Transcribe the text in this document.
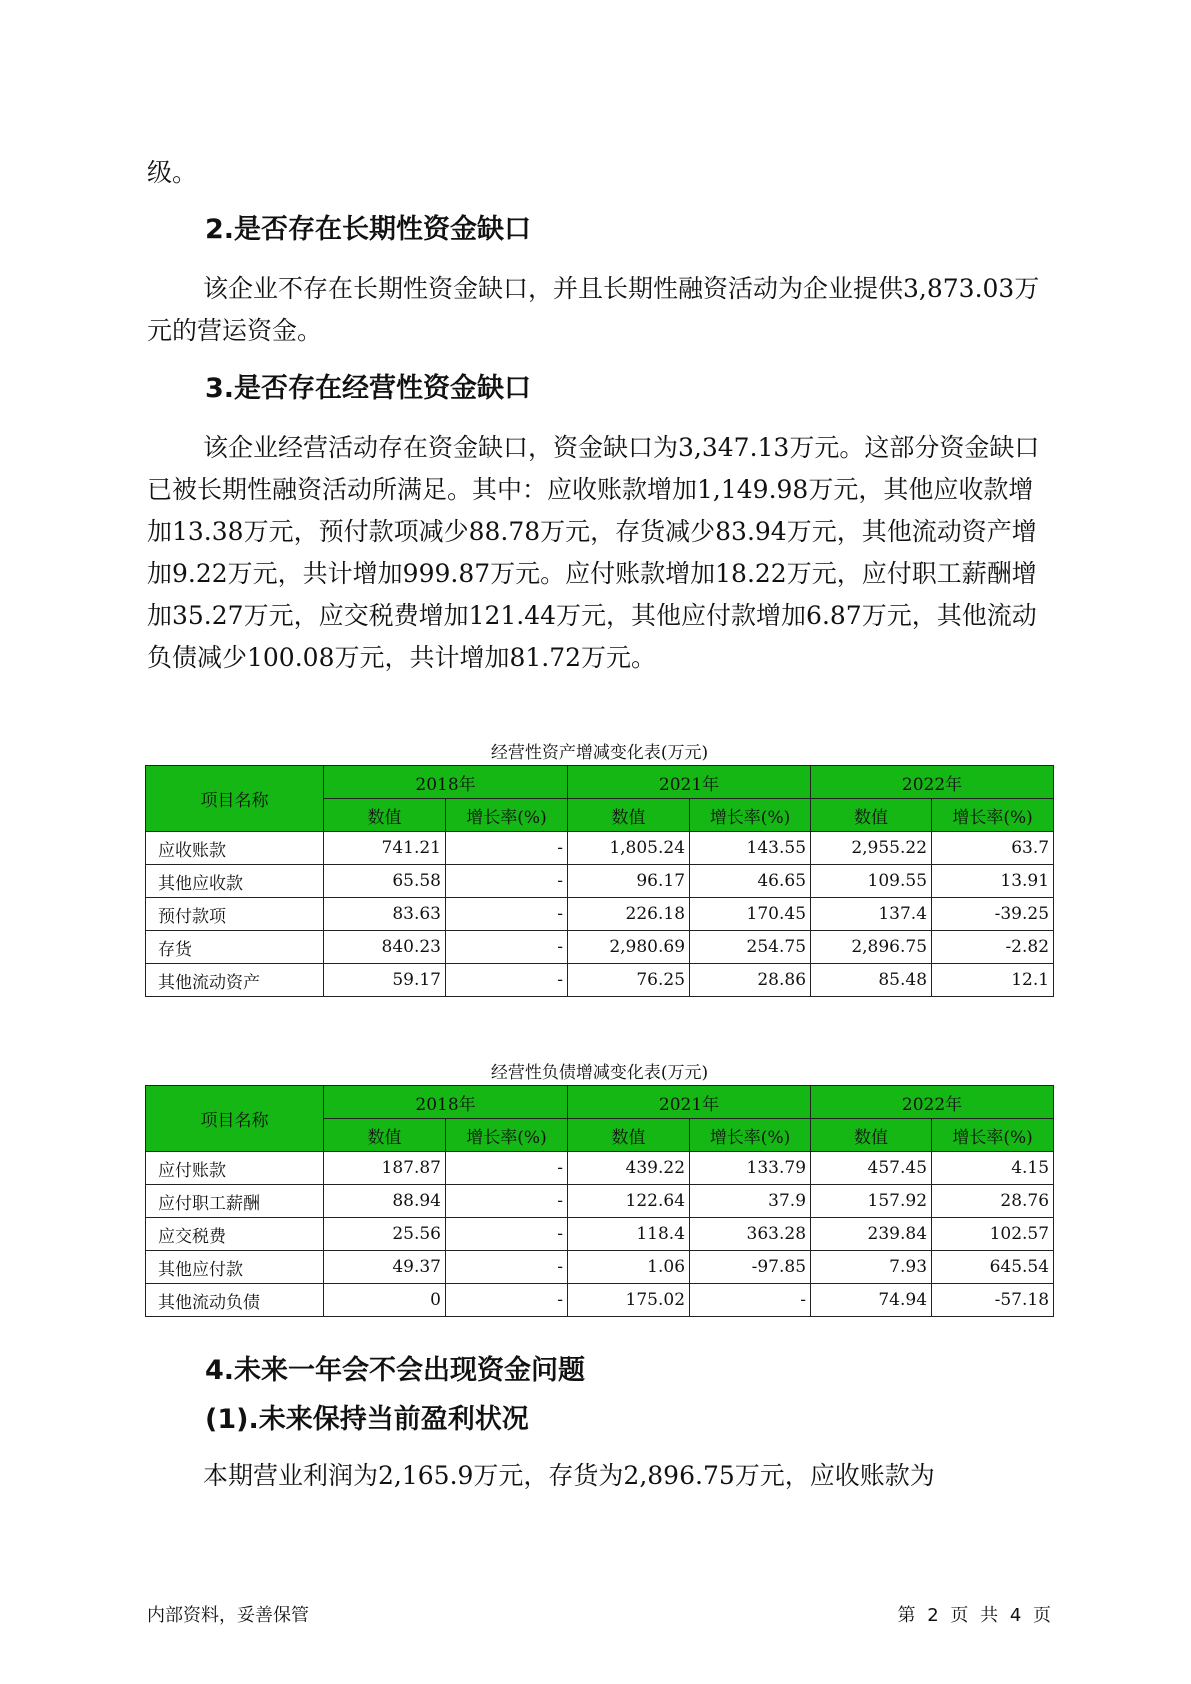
级。

2.是否存在长期性资金缺口

该企业不存在长期性资金缺口，并且长期性融资活动为企业提供3,873.03万元的营运资金。

3.是否存在经营性资金缺口

该企业经营活动存在资金缺口，资金缺口为3,347.13万元。这部分资金缺口已被长期性融资活动所满足。其中：应收账款增加1,149.98万元，其他应收款增加13.38万元，预付款项减少88.78万元，存货减少83.94万元，其他流动资产增加9.22万元，共计增加999.87万元。应付账款增加18.22万元，应付职工薪酬增加35.27万元，应交税费增加121.44万元，其他应付款增加6.87万元，其他流动负债减少100.08万元，共计增加81.72万元。

经营性资产增减变化表(万元)
项目名称	2018年		2021年		2022年	
	数值	增长率(%)	数值	增长率(%)	数值	增长率(%)
应收账款	741.21	-	1,805.24	143.55	2,955.22	63.7
其他应收款	65.58	-	96.17	46.65	109.55	13.91
预付款项	83.63	-	226.18	170.45	137.4	-39.25
存货	840.23	-	2,980.69	254.75	2,896.75	-2.82
其他流动资产	59.17	-	76.25	28.86	85.48	12.1
经营性负债增减变化表(万元)
项目名称	2018年		2021年		2022年	
	数值	增长率(%)	数值	增长率(%)	数值	增长率(%)
应付账款	187.87	-	439.22	133.79	457.45	4.15
应付职工薪酬	88.94	-	122.64	37.9	157.92	28.76
应交税费	25.56	-	118.4	363.28	239.84	102.57
其他应付款	49.37	-	1.06	-97.85	7.93	645.54
其他流动负债	0	-	175.02	-	74.94	-57.18
4.未来一年会不会出现资金问题
(1).未来保持当前盈利状况

本期营业利润为2,165.9万元，存货为2,896.75万元，应收账款为

内部资料，妥善保管	第 2 页 共 4 页
